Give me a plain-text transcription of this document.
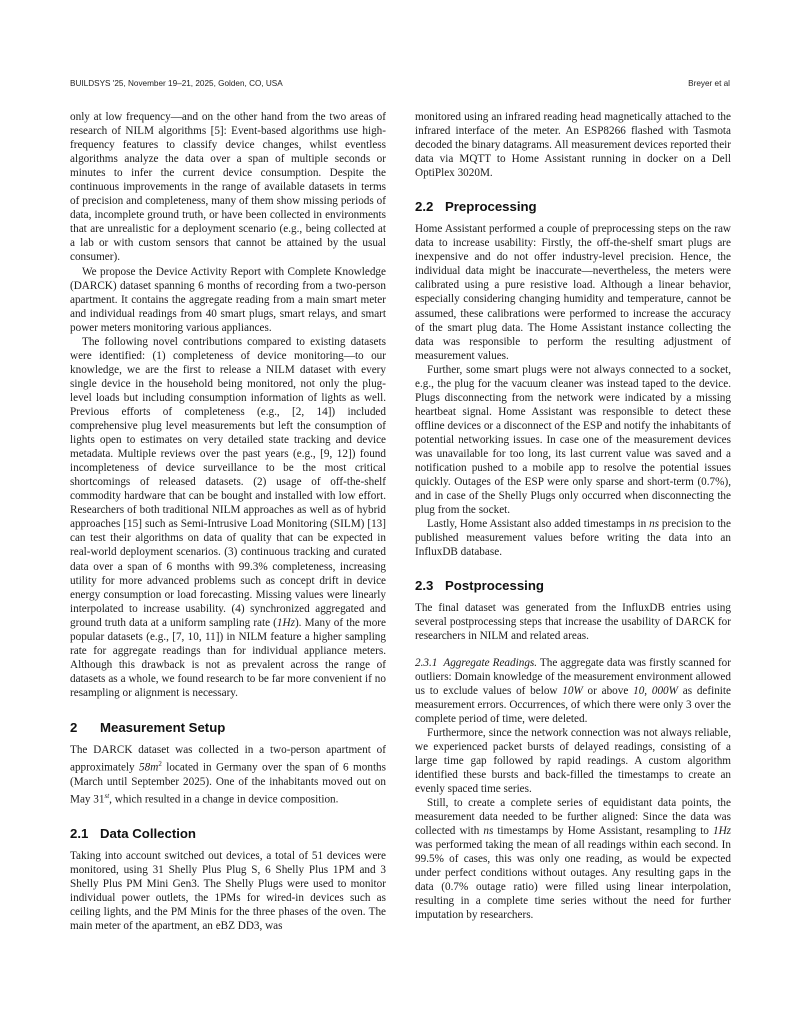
BUILDSYS '25, November 19–21, 2025, Golden, CO, USA	Breyer et al

only at low frequency—and on the other hand from the two areas of research of NILM algorithms [5]: Event-based algorithms use high-frequency features to classify device changes, whilst eventless algorithms analyze the data over a span of multiple seconds or minutes to infer the current device consumption. Despite the continuous improvements in the range of available datasets in terms of precision and completeness, many of them show missing periods of data, incomplete ground truth, or have been collected in environments that are unrealistic for a deployment scenario (e.g., being collected at a lab or with custom sensors that cannot be attained by the usual consumer).

We propose the Device Activity Report with Complete Knowledge (DARCK) dataset spanning 6 months of recording from a two-person apartment. It contains the aggregate reading from a main smart meter and individual readings from 40 smart plugs, smart relays, and smart power meters monitoring various appliances.

The following novel contributions compared to existing datasets were identified: (1) completeness of device monitoring—to our knowledge, we are the first to release a NILM dataset with every single device in the household being monitored, not only the plug-level loads but including consumption information of lights as well. Previous efforts of completeness (e.g., [2, 14]) included comprehensive plug level measurements but left the consumption of lights open to estimates on very detailed state tracking and device metadata. Multiple reviews over the past years (e.g., [9, 12]) found incompleteness of device surveillance to be the most critical shortcomings of released datasets. (2) usage of off-the-shelf commodity hardware that can be bought and installed with low effort. Researchers of both traditional NILM approaches as well as of hybrid approaches [15] such as Semi-Intrusive Load Monitoring (SILM) [13] can test their algorithms on data of quality that can be expected in real-world deployment scenarios. (3) continuous tracking and curated data over a span of 6 months with 99.3% completeness, increasing utility for more advanced problems such as concept drift in device energy consumption or load forecasting. Missing values were linearly interpolated to increase usability. (4) synchronized aggregated and ground truth data at a uniform sampling rate (1Hz). Many of the more popular datasets (e.g., [7, 10, 11]) in NILM feature a higher sampling rate for aggregate readings than for individual appliance meters. Although this drawback is not as prevalent across the range of datasets as a whole, we found research to be far more convenient if no resampling or alignment is necessary.

2 Measurement Setup

The DARCK dataset was collected in a two-person apartment of approximately $58m^2$ located in Germany over the span of 6 months (March until September 2025). One of the inhabitants moved out on May 31st, which resulted in a change in device composition.

2.1 Data Collection

Taking into account switched out devices, a total of 51 devices were monitored, using 31 Shelly Plus Plug S, 6 Shelly Plus 1PM and 3 Shelly Plus PM Mini Gen3. The Shelly Plugs were used to monitor individual power outlets, the 1PMs for wired-in devices such as ceiling lights, and the PM Minis for the three phases of the oven. The main meter of the apartment, an eBZ DD3, was

monitored using an infrared reading head magnetically attached to the infrared interface of the meter. An ESP8266 flashed with Tasmota decoded the binary datagrams. All measurement devices reported their data via MQTT to Home Assistant running in docker on a Dell OptiPlex 3020M.

2.2 Preprocessing

Home Assistant performed a couple of preprocessing steps on the raw data to increase usability: Firstly, the off-the-shelf smart plugs are inexpensive and do not offer industry-level precision. Hence, the individual data might be inaccurate—nevertheless, the meters were calibrated using a pure resistive load. Although a linear behavior, especially considering changing humidity and temperature, cannot be assumed, these calibrations were performed to increase the accuracy of the smart plug data. The Home Assistant instance collecting the data was responsible to perform the resulting adjustment of measurement values.

Further, some smart plugs were not always connected to a socket, e.g., the plug for the vacuum cleaner was instead taped to the device. Plugs disconnecting from the network were indicated by a missing heartbeat signal. Home Assistant was responsible to detect these offline devices or a disconnect of the ESP and notify the inhabitants of potential networking issues. In case one of the measurement devices was unavailable for too long, its last current value was saved and a notification pushed to a mobile app to resolve the potential issues quickly. Outages of the ESP were only sparse and short-term (0.7%), and in case of the Shelly Plugs only occurred when disconnecting the plug from the socket.

Lastly, Home Assistant also added timestamps in ns precision to the published measurement values before writing the data into an InfluxDB database.

2.3 Postprocessing

The final dataset was generated from the InfluxDB entries using several postprocessing steps that increase the usability of DARCK for researchers in NILM and related areas.

2.3.1 Aggregate Readings. The aggregate data was firstly scanned for outliers: Domain knowledge of the measurement environment allowed us to exclude values of below 10W or above 10, 000W as definite measurement errors. Occurrences, of which there were only 3 over the complete period of time, were deleted.

Furthermore, since the network connection was not always reliable, we experienced packet bursts of delayed readings, consisting of a large time gap followed by rapid readings. A custom algorithm identified these bursts and back-filled the timestamps to create an evenly spaced time series.

Still, to create a complete series of equidistant data points, the measurement data needed to be further aligned: Since the data was collected with ns timestamps by Home Assistant, resampling to 1Hz was performed taking the mean of all readings within each second. In 99.5% of cases, this was only one reading, as would be expected under perfect conditions without outages. Any resulting gaps in the data (0.7% outage ratio) were filled using linear interpolation, resulting in a complete time series without the need for further imputation by researchers.
